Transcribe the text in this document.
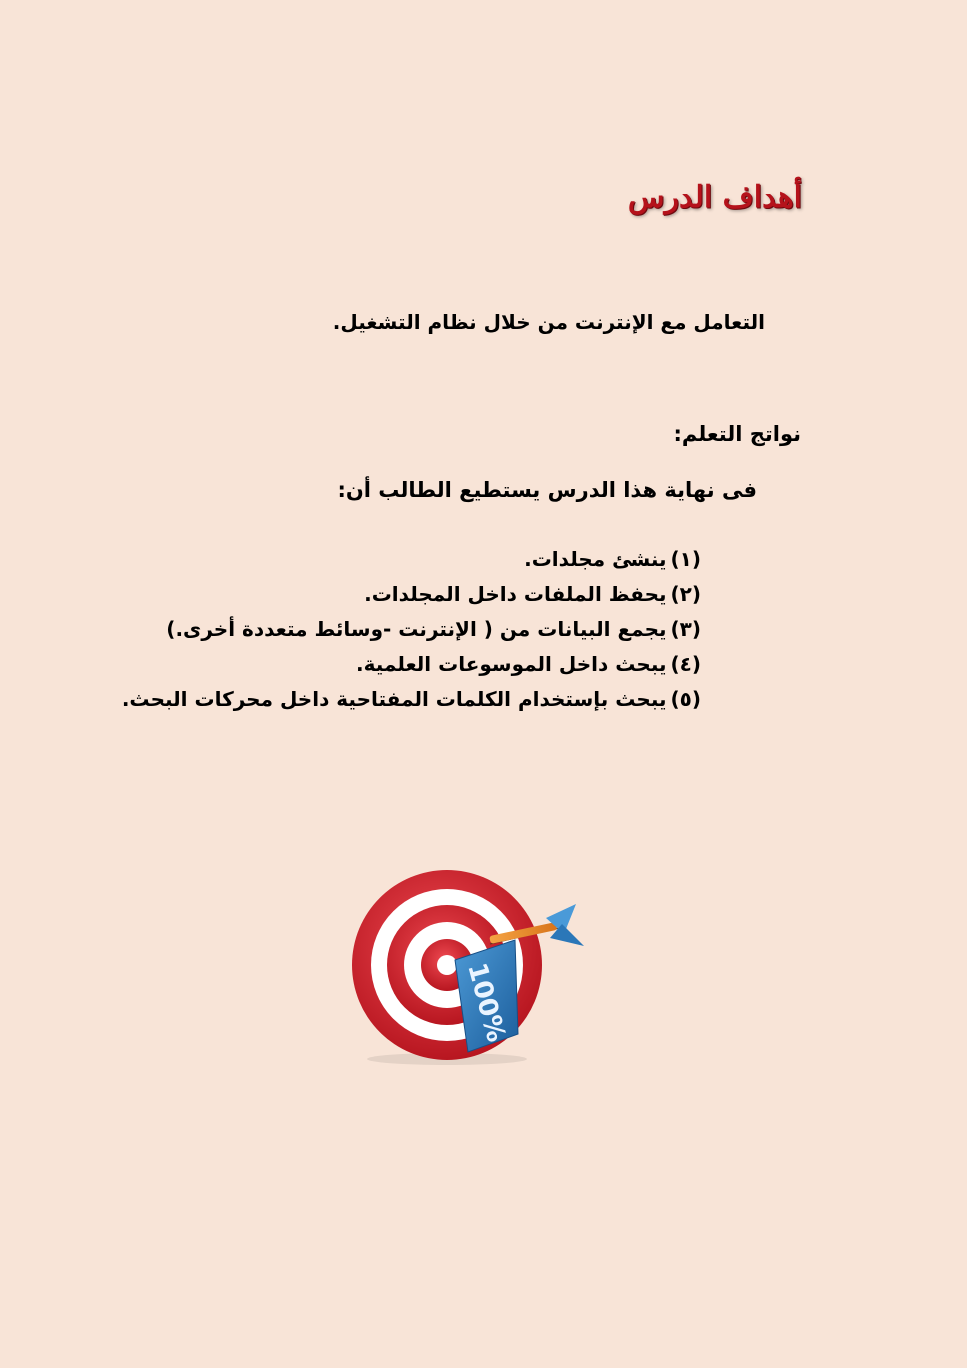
أهداف الدرس

التعامل مع الإنترنت من خلال نظام التشغيل.

نواتج التعلم:

فى نهاية هذا الدرس يستطيع الطالب أن:

(١)ينشئ مجلدات.
(٢)يحفظ الملفات داخل المجلدات.
(٣)يجمع البيانات من ( الإنترنت -وسائط متعددة أخرى.)
(٤)يبحث داخل الموسوعات العلمية.
(٥)يبحث بإستخدام الكلمات المفتاحية داخل محركات البحث.
100%
